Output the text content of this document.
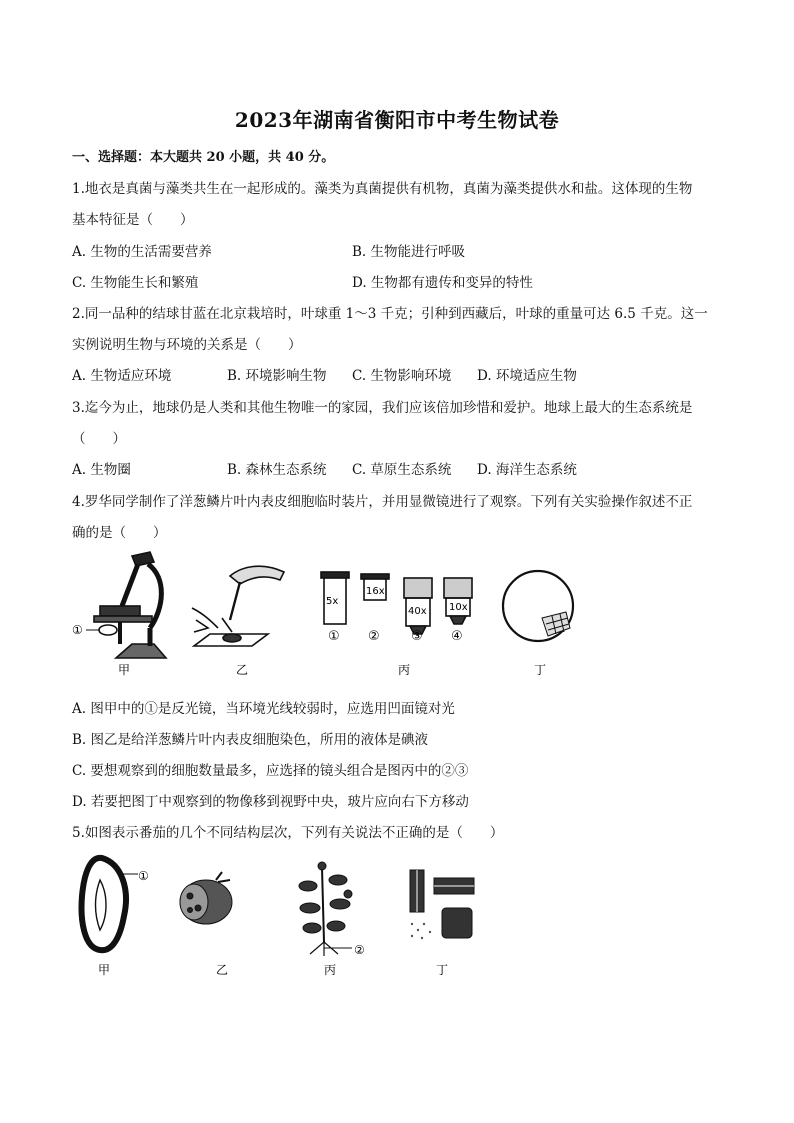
2023年湖南省衡阳市中考生物试卷
一、选择题：本大题共 20 小题，共 40 分。
1.地衣是真菌与藻类共生在一起形成的。藻类为真菌提供有机物，真菌为藻类提供水和盐。这体现的生物
基本特征是（　　）
A. 生物的生活需要营养	B. 生物能进行呼吸
C. 生物能生长和繁殖	D. 生物都有遗传和变异的特性
2.同一品种的结球甘蓝在北京栽培时，叶球重 1～3 千克；引种到西藏后，叶球的重量可达 6.5 千克。这一
实例说明生物与环境的关系是（　　）
A. 生物适应环境	B. 环境影响生物 C. 生物影响环境 D. 环境适应生物
3.迄今为止，地球仍是人类和其他生物唯一的家园，我们应该倍加珍惜和爱护。地球上最大的生态系统是
（　　）
A. 生物圈	B. 森林生态系统 C. 草原生态系统 D. 海洋生态系统
4.罗华同学制作了洋葱鳞片叶内表皮细胞临时装片，并用显微镜进行了观察。下列有关实验操作叙述不正
确的是（　　）
①
5x
16x
40x 10x
① ② ③ ④
甲	乙	丙	丁
A. 图甲中的①是反光镜，当环境光线较弱时，应选用凹面镜对光
B. 图乙是给洋葱鳞片叶内表皮细胞染色，所用的液体是碘液
C. 要想观察到的细胞数量最多，应选择的镜头组合是图丙中的②③
D. 若要把图丁中观察到的物像移到视野中央，玻片应向右下方移动
5.如图表示番茄的几个不同结构层次，下列有关说法不正确的是（　　）
①
②
甲	乙	丙	丁
